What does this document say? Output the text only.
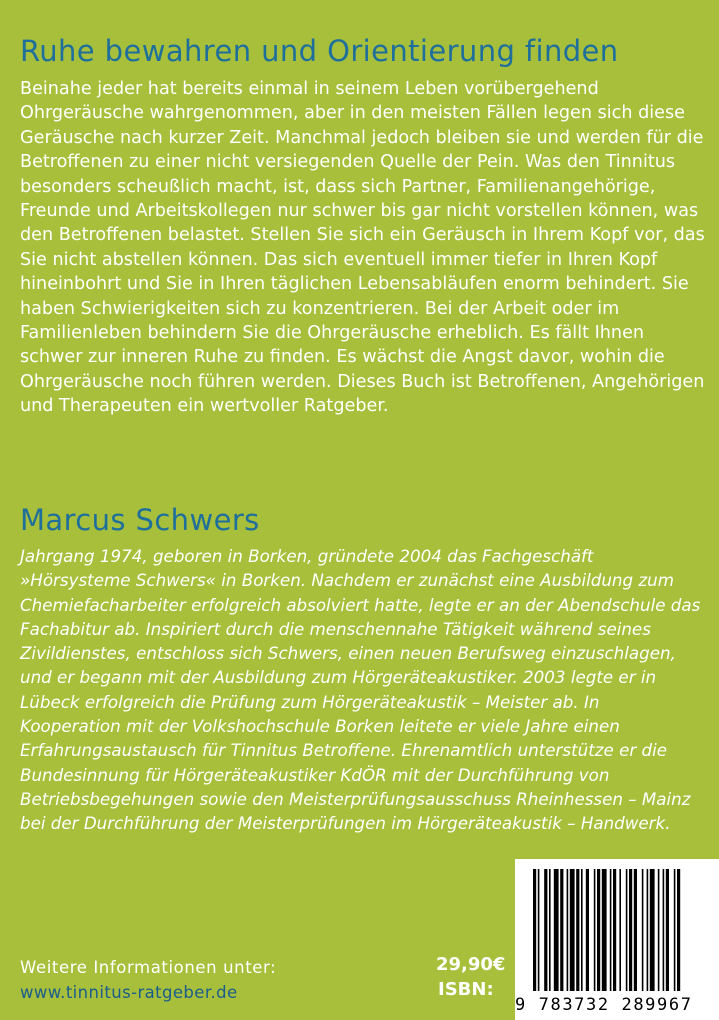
Ruhe bewahren und Orientierung finden

Beinahe jeder hat bereits einmal in seinem Leben vorübergehend Ohrgeräusche wahrgenommen, aber in den meisten Fällen legen sich diese Geräusche nach kurzer Zeit. Manchmal jedoch bleiben sie und werden für die Betroffenen zu einer nicht versiegenden Quelle der Pein. Was den Tinnitus besonders scheußlich macht, ist, dass sich Partner, Familienangehörige, Freunde und Arbeitskollegen nur schwer bis gar nicht vorstellen können, was den Betroffenen belastet. Stellen Sie sich ein Geräusch in Ihrem Kopf vor, das Sie nicht abstellen können. Das sich eventuell immer tiefer in Ihren Kopf hineinbohrt und Sie in Ihren täglichen Lebensabläufen enorm behindert. Sie haben Schwierigkeiten sich zu konzentrieren. Bei der Arbeit oder im Familienleben behindern Sie die Ohrgeräusche erheblich. Es fällt Ihnen schwer zur inneren Ruhe zu finden. Es wächst die Angst davor, wohin die Ohrgeräusche noch führen werden. Dieses Buch ist Betroffenen, Angehörigen und Therapeuten ein wertvoller Ratgeber.

Marcus Schwers

Jahrgang 1974, geboren in Borken, gründete 2004 das Fachgeschäft »Hörsysteme Schwers« in Borken. Nachdem er zunächst eine Ausbildung zum Chemiefacharbeiter erfolgreich absolviert hatte, legte er an der Abendschule das Fachabitur ab. Inspiriert durch die menschennahe Tätigkeit während seines Zivildienstes, entschloss sich Schwers, einen neuen Berufsweg einzuschlagen, und er begann mit der Ausbildung zum Hörgeräteakustiker. 2003 legte er in Lübeck erfolgreich die Prüfung zum Hörgeräteakustik – Meister ab. In Kooperation mit der Volkshochschule Borken leitete er viele Jahre einen Erfahrungsaustausch für Tinnitus Betroffene. Ehrenamtlich unterstütze er die Bundesinnung für Hörgeräteakustiker KdÖR mit der Durchführung von Betriebsbegehungen sowie den Meisterprüfungsausschuss Rheinhessen – Mainz bei der Durchführung der Meisterprüfungen im Hörgeräteakustik – Handwerk.

Weitere Informationen unter:

www.tinnitus-ratgeber.de

29,90€

ISBN:

9 783732 289967
